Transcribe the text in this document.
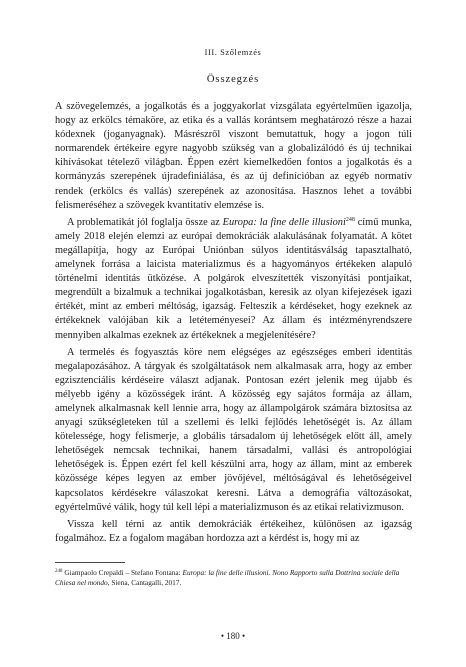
III. Szőlemzés
Összegzés

A szövegelemzés, a jogalkotás és a joggyakorlat vizsgálata egyértelműen igazolja, hogy az erkölcs témaköre, az etika és a vallás korántsem meghatározó része a hazai kódexnek (joganyagnak). Másrészről viszont bemutattuk, hogy a jogon túli normarendek értékeire egyre nagyobb szükség van a globalizálódó és új technikai kihívásokat tételező világban. Éppen ezért kiemelkedően fontos a jogalkotás és a kormányzás szerepének újradefiniálása, és az új definícióban az egyéb normatív rendek (erkölcs és vallás) szerepének az azonosítása. Hasznos lehet a további felismeréséhez a szövegek kvantitatív elemzése is.

A problematikát jól foglalja össze az Europa: la fine delle illusioni$^{248}$ című munka, amely 2018 elején elemzi az európai demokráciák alakulásának folyamatát. A kötet megállapítja, hogy az Európai Uniónban súlyos identitásválság tapasztalható, amelynek forrása a laicista materializmus és a hagyományos értékeken alapuló történelmi identitás ütközése. A polgárok elveszítették viszonyítási pontjaikat, megrendült a bizalmuk a technikai jogalkotásban, keresik az olyan kifejezések igazi értékét, mint az emberi méltóság, igazság. Felteszik a kérdéseket, hogy ezeknek az értékeknek valójában kik a letéteményesei? Az állam és intézményrendszere mennyiben alkalmas ezeknek az értékeknek a megjelenítésére?

A termelés és fogyasztás köre nem elégséges az egészséges emberi identitás megalapozásához. A tárgyak és szolgáltatások nem alkalmasak arra, hogy az ember egzisztenciális kérdéseire választ adjanak. Pontosan ezért jelenik meg újabb és mélyebb igény a közösségek iránt. A közösség egy sajátos formája az állam, amelynek alkalmasnak kell lennie arra, hogy az állampolgárok számára biztosítsa az anyagi szükségleteken túl a szellemi és lelki fejlődés lehetőségét is. Az állam kötelessége, hogy felismerje, a globális társadalom új lehetőségek előtt áll, amely lehetőségek nemcsak technikai, hanem társadalmi, vallási és antropológiai lehetőségek is. Éppen ezért fel kell készülni arra, hogy az állam, mint az emberek közössége képes legyen az ember jövőjével, méltóságával és lehetőségeivel kapcsolatos kérdésekre válaszokat keresni. Látva a demográfia változásokat, egyértelművé válik, hogy túl kell lépi a materializmuson és az etikai relativizmuson.

Vissza kell térni az antik demokráciák értékeihez, különösen az igazság fogalmához. Ez a fogalom magában hordozza azt a kérdést is, hogy mi az

$^{248}$ Giampaolo Crepaldi – Stefano Fontana: Europa: la fine delle illusioni. Nono Rapporto sulla Dottrina sociale della Chiesa nel mondo, Siena, Cantagalli, 2017.
• 180 •
